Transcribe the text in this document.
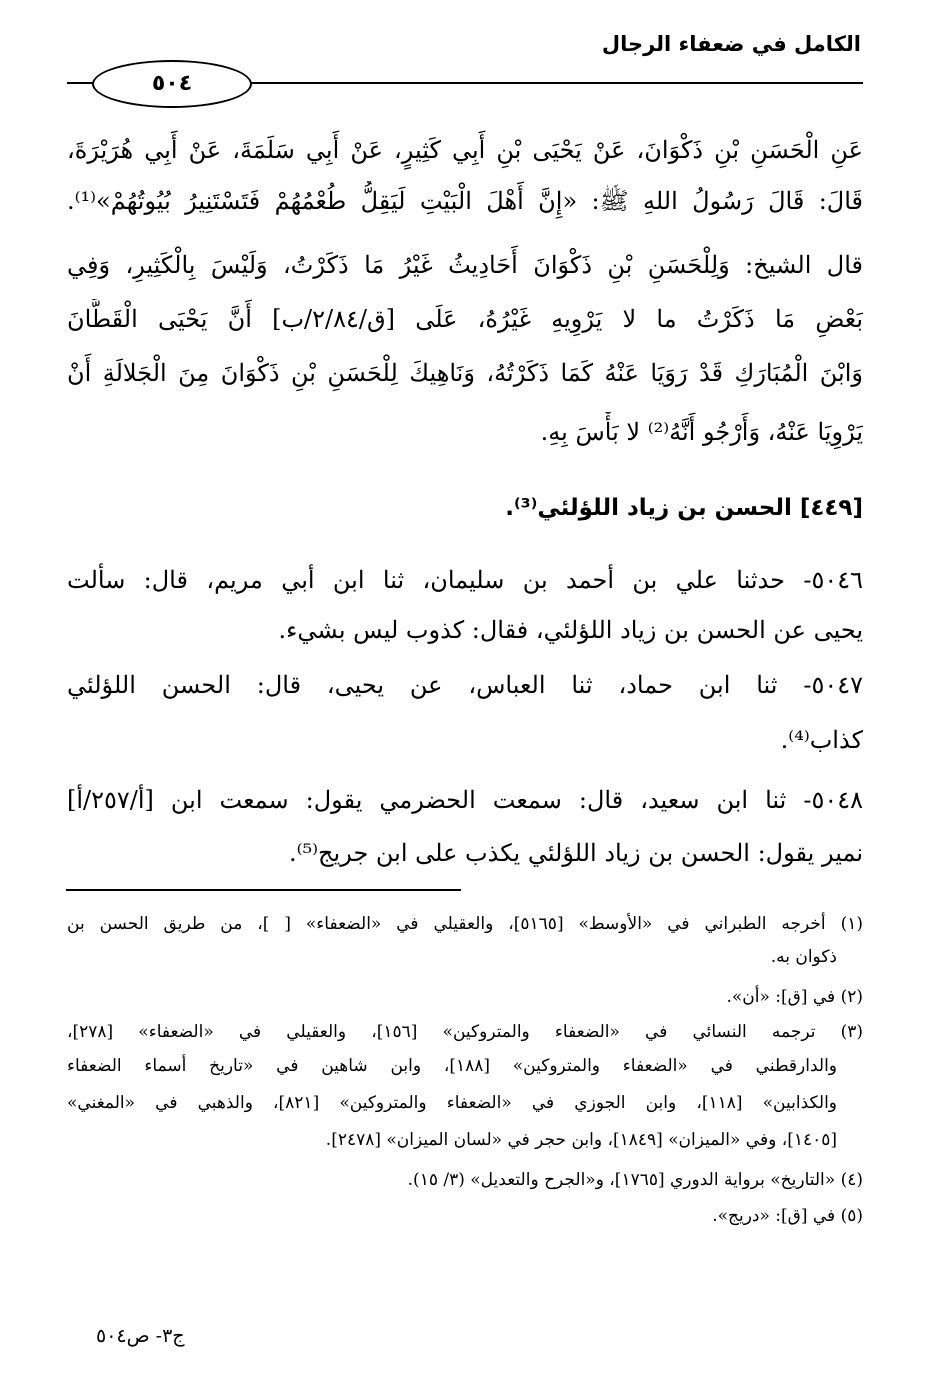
الكامل في ضعفاء الرجال
٥٠٤
عَنِ الْحَسَنِ بْنِ ذَكْوَانَ، عَنْ يَحْيَى بْنِ أَبِي كَثِيرٍ، عَنْ أَبِي سَلَمَةَ، عَنْ أَبِي هُرَيْرَةَ،
قَالَ: قَالَ رَسُولُ اللهِ ﷺ: «إِنَّ أَهْلَ الْبَيْتِ لَيَقِلُّ طُعْمُهُمْ فَتَسْتَنِيرُ بُيُوتُهُمْ»⁽¹⁾.
قال الشيخ: وَلِلْحَسَنِ بْنِ ذَكْوَانَ أَحَادِيثُ غَيْرُ مَا ذَكَرْتُ، وَلَيْسَ بِالْكَثِيرِ، وَفِي
بَعْضِ مَا ذَكَرْتُ ما لا يَرْوِيهِ غَيْرُهُ، عَلَى [ق/٢/٨٤/ب] أَنَّ يَحْيَى الْقَطَّانَ
وَابْنَ الْمُبَارَكِ قَدْ رَوَيَا عَنْهُ كَمَا ذَكَرْتُهُ، وَنَاهِيكَ لِلْحَسَنِ بْنِ ذَكْوَانَ مِنَ الْجَلالَةِ أَنْ
يَرْوِيَا عَنْهُ، وَأَرْجُو أَنَّهُ⁽²⁾ لا بَأْسَ بِهِ.
[٤٤٩] الحسن بن زياد اللؤلئي⁽³⁾.
٥٠٤٦- حدثنا علي بن أحمد بن سليمان، ثنا ابن أبي مريم، قال: سألت
يحيى عن الحسن بن زياد اللؤلئي، فقال: كذوب ليس بشيء.
٥٠٤٧- ثنا ابن حماد، ثنا العباس، عن يحيى، قال: الحسن اللؤلئي
كذاب⁽⁴⁾.
٥٠٤٨- ثنا ابن سعيد، قال: سمعت الحضرمي يقول: سمعت ابن [أ/٢٥٧/أ]
نمير يقول: الحسن بن زياد اللؤلئي يكذب على ابن جريج⁽⁵⁾.
(١) أخرجه الطبراني في «الأوسط» [٥١٦٥]، والعقيلي في «الضعفاء» [ ]، من طريق الحسن بن
ذكوان به.
(٢) في [ق]: «أن».
(٣) ترجمه النسائي في «الضعفاء والمتروكين» [١٥٦]، والعقيلي في «الضعفاء» [٢٧٨]،
والدارقطني في «الضعفاء والمتروكين» [١٨٨]، وابن شاهين في «تاريخ أسماء الضعفاء
والكذابين» [١١٨]، وابن الجوزي في «الضعفاء والمتروكين» [٨٢١]، والذهبي في «المغني»
[١٤٠٥]، وفي «الميزان» [١٨٤٩]، وابن حجر في «لسان الميزان» [٢٤٧٨].
(٤) «التاريخ» برواية الدوري [١٧٦٥]، و«الجرح والتعديل» (٣/ ١٥).
(٥) في [ق]: «دريج».
ج٣- ص٥٠٤
